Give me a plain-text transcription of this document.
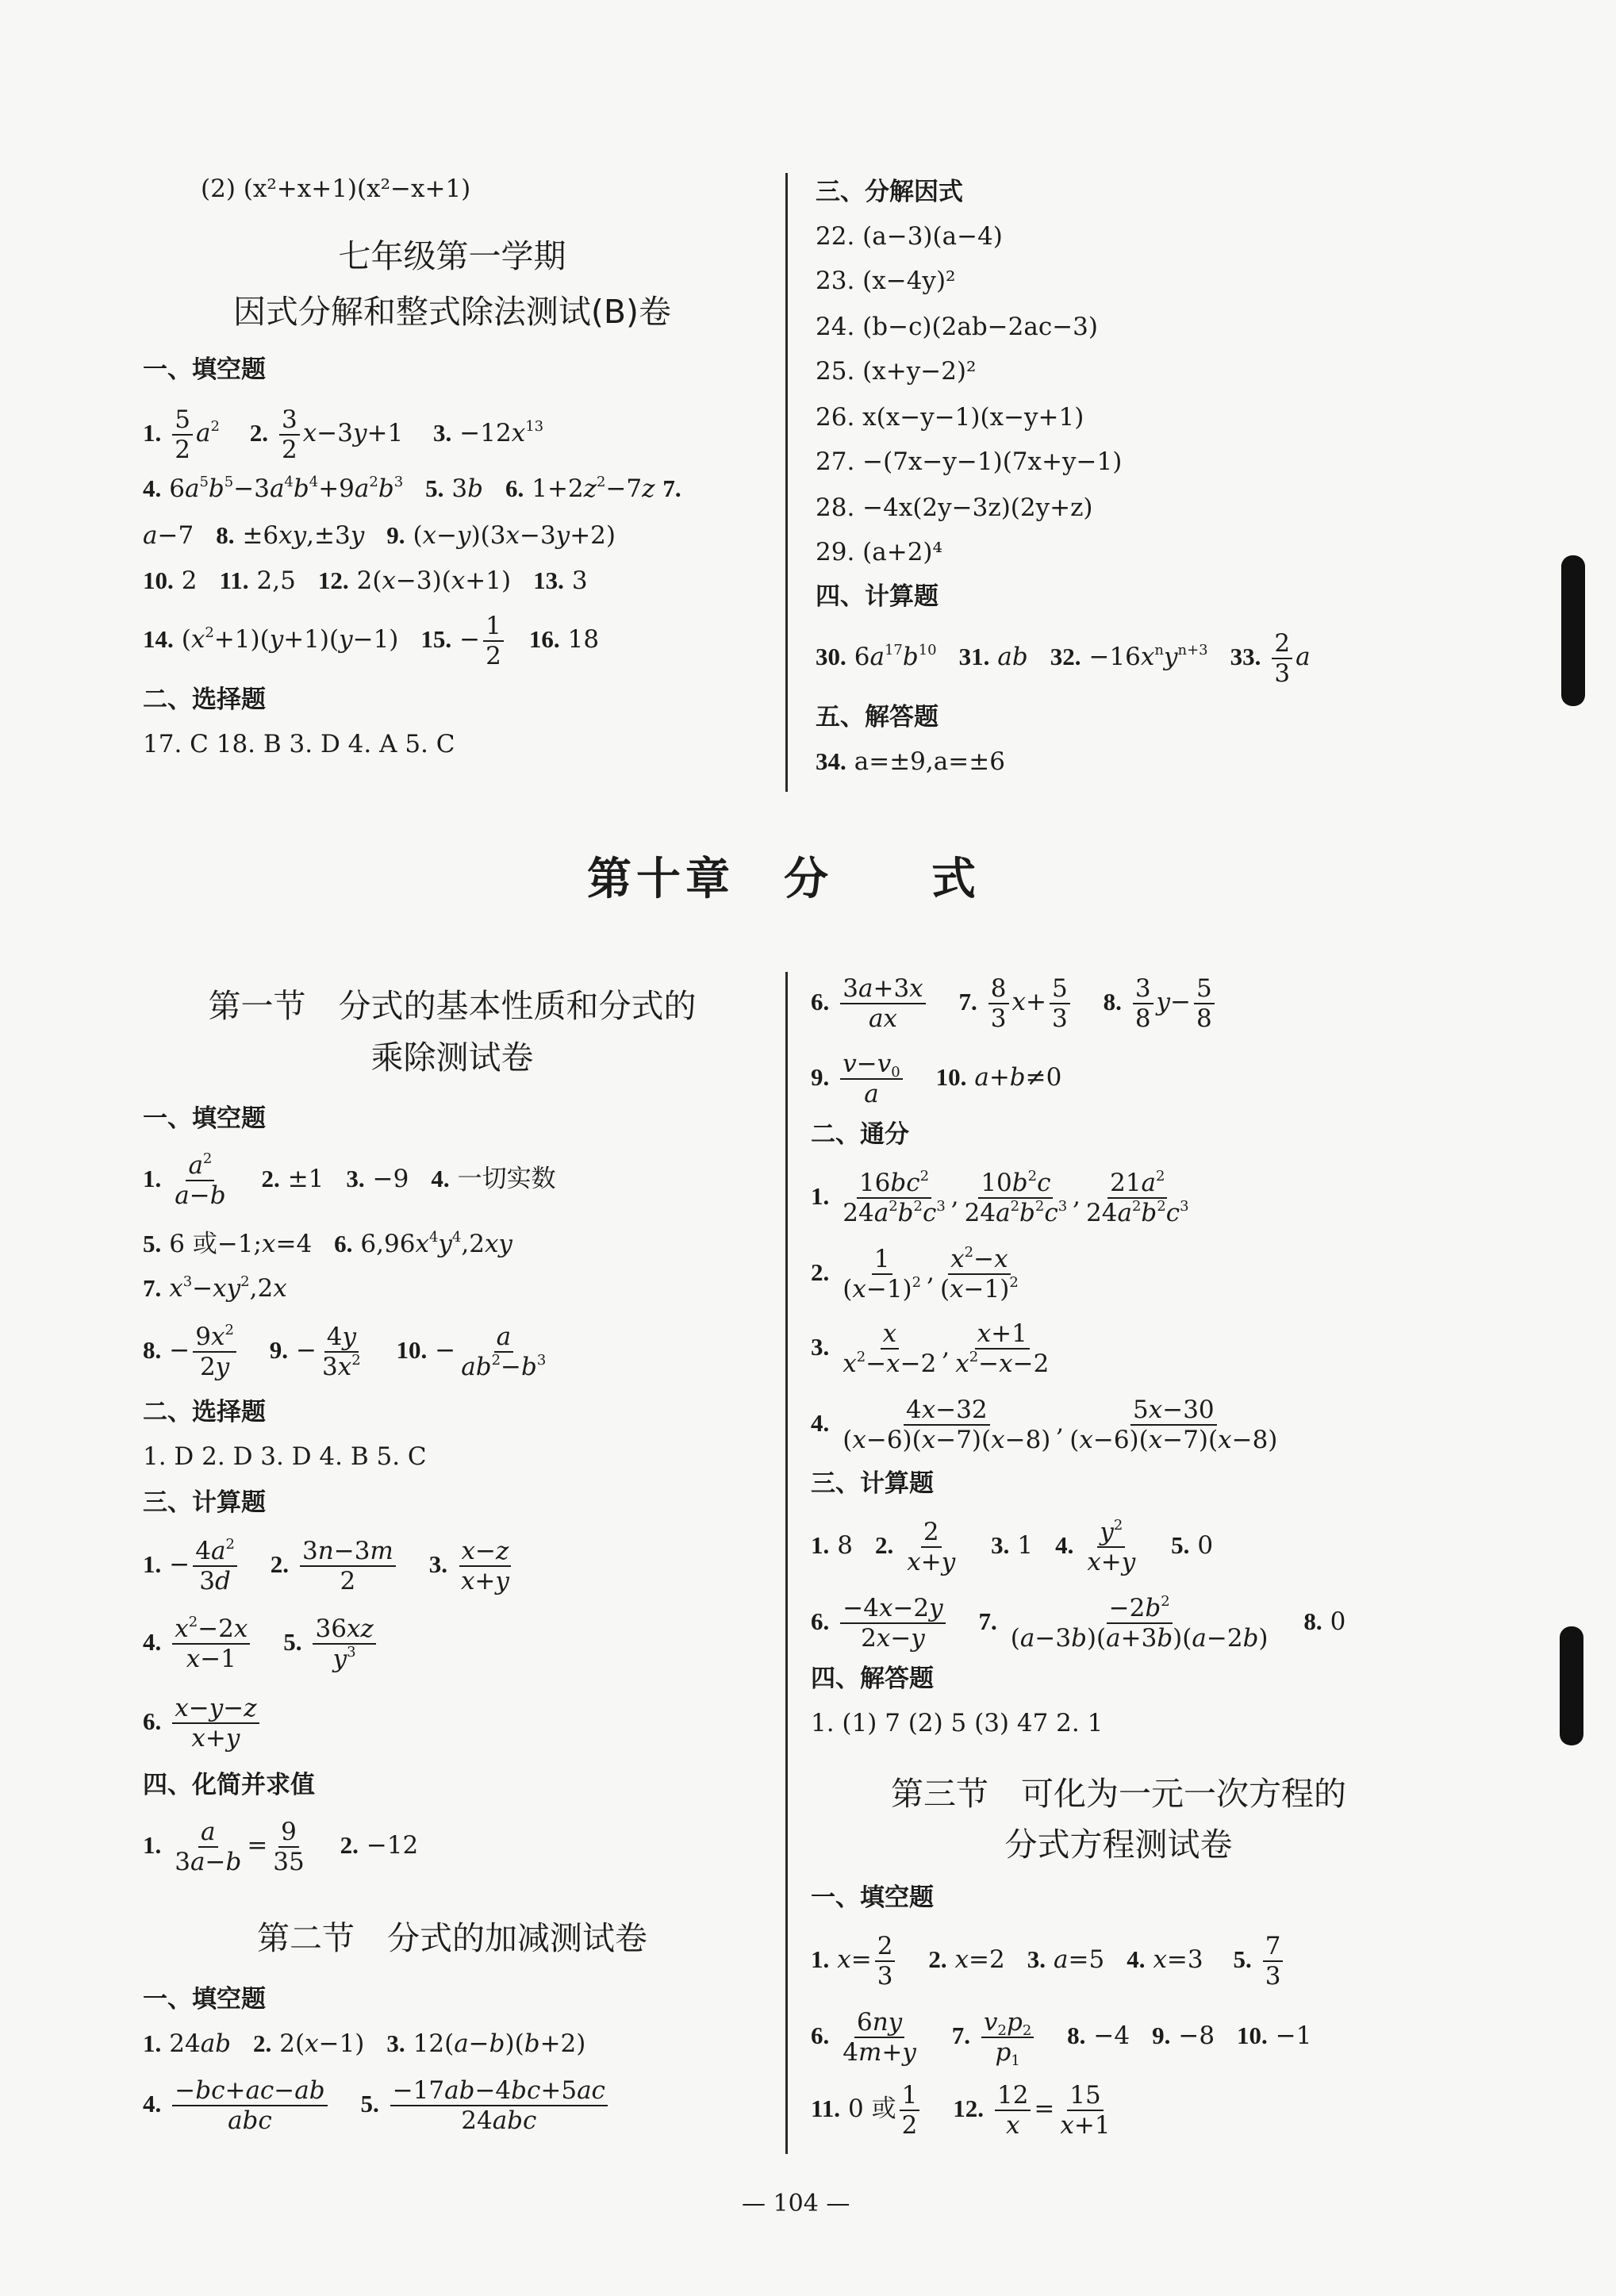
(2) (x²+x+1)(x²−x+1)
七年级第一学期
因式分解和整式除法测试(B)卷
一、填空题
1. $\frac{5}{2} a^2$ 2. $\frac{3}{2} x-3y+1$ 3. $-12x^{13}$
4. $6a^5b^5-3a^4b^4+9a^2b^3$ 5. 3b 6. $1+2z^2-7z$ 7.
a−7 8. ±6xy,±3y 9. (x−y)(3x−3y+2)
10. 2 11. 2,5 12. 2(x−3)(x+1) 13. 3
14. $(x^2+1)(y+1)(y-1) 15$. − $\frac{1}{2} 16$. 18
二、选择题
17. C 18. B 3. D 4. A 5. C
三、分解因式
22. (a−3)(a−4)
23. (x−4y)²
24. (b−c)(2ab−2ac−3)
25. (x+y−2)²
26. x(x−y−1)(x−y+1)
27. −(7x−y−1)(7x+y−1)
28. −4x(2y−3z)(2y+z)
29. (a+2)⁴
四、计算题
30. $6a^{17}b^{10}$ 31. ab 32. $-16x^ny^{n+3}$ 33. $\frac{2}{3}$ a
五、解答题
34. a=±9,a=±6
第十章　分　　式
第一节　分式的基本性质和分式的
乘除测试卷
一、填空题
1. $\frac{a^2}{a-b} 2$. ±1 3. −9 4. 一切实数
5. 6 或−1;x=4 6. $6,96x^4y^4,2xy$
7. $x^3-xy^2,2x$
8. − $\frac{9x^2}{2y} 9$. − $\frac{4y}{3x^2} 10$. − $\frac{a}{ab^2-b^3}$
二、选择题
1. D 2. D 3. D 4. B 5. C
三、计算题
1. − $\frac{4a^2}{3d} 2$. $\frac{3n-3m}{2} 3$. $\frac{x-z}{x+y}$
4. $\frac{x^2-2x}{x-1} 5$. $\frac{36xz}{y^3}$
6. $\frac{x-y-z}{x+y}$
四、化简并求值
1. $\frac{a}{3a-b} = \frac{9}{35} 2$. −12
第二节　分式的加减测试卷
一、填空题
1. 24ab 2. 2(x−1) 3. 12(a−b)(b+2)
4. $\frac{-bc+ac-ab}{\text{abc}} 5$. $\frac{-17ab-4bc+5ac}{\text{24abc}}$
6. $\frac{3a+3x}{ax} 7$. $\frac{8}{3} x+ \frac{5}{3} 8$. $\frac{3}{8} y- \frac{5}{8}$
9. $\frac{v-v_0}{a} 10$. a+b≠0
二、通分
1. $\frac{16bc^2}{24a^2b^2c^3}$ , $\frac{10b^2c}{24a^2b^2c^3}$ , $\frac{21a^2}{24a^2b^2c^3}$
2. $\frac{1}{(x-1)^2}$ , $\frac{x^2-x}{(x-1)^2}$
3. $\frac{x}{x^2-x-2}$ , $\frac{x+1}{x^2-x-2}$
4. $\frac{4x-32}{(x-6)(x-7)(x-8)}$ , $\frac{5x-30}{(x-6)(x-7)(x-8)}$
三、计算题
1. 8 2. $\frac{2}{x+y} 3$. 1 4. $\frac{y^2}{x+y} 5$. 0
6. $\frac{-4x-2y}{2x-y} 7$. $\frac{-2b^2}{(a-3b)(a+3b)(a-2b)} 8$. 0
四、解答题
1. (1) 7 (2) 5 (3) 47 2. 1
第三节　可化为一元一次方程的
分式方程测试卷
一、填空题
1. $x= \frac{2}{3} 2$. x=2 3. a=5 4. x=3 5. $\frac{7}{3}$
6. $\frac{6ny}{4m+y} 7$. $\frac{v_2p_2}{p_1} 8$. −4 9. −8 10. −1
11. 0 或 $\frac{1}{2} 12$. $\frac{12}{x} = \frac{15}{x+1}$
— 104 —
